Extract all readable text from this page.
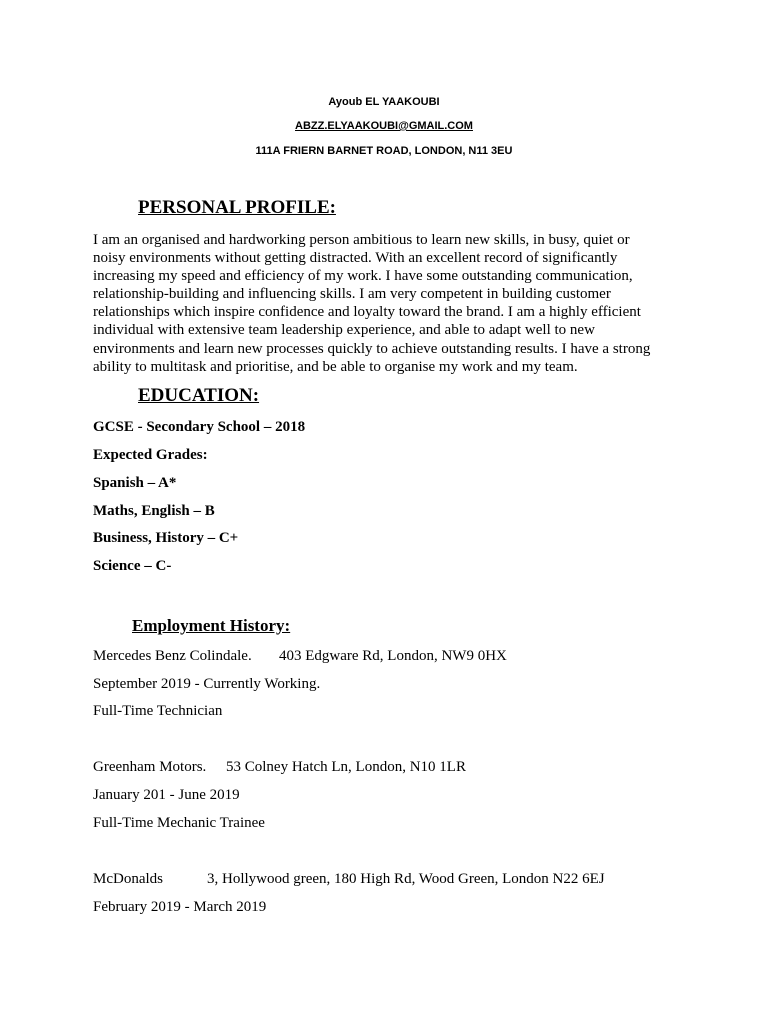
Ayoub EL YAAKOUBI
ABZZ.ELYAAKOUBI@GMAIL.COM
111A FRIERN BARNET ROAD, LONDON, N11 3EU
PERSONAL PROFILE:
I am an organised and hardworking person ambitious to learn new skills, in busy, quiet or
noisy environments without getting distracted. With an excellent record of significantly
increasing my speed and efficiency of my work. I have some outstanding communication,
relationship-building and influencing skills. I am very competent in building customer
relationships which inspire confidence and loyalty toward the brand. I am a highly efficient
individual with extensive team leadership experience, and able to adapt well to new
environments and learn new processes quickly to achieve outstanding results. I have a strong
ability to multitask and prioritise, and be able to organise my work and my team.
EDUCATION:
GCSE - Secondary School – 2018
Expected Grades:
Spanish – A*
Maths, English – B
Business, History – C+
Science – C-
Employment History:
Mercedes Benz Colindale. 403 Edgware Rd, London, NW9 0HX
September 2019 - Currently Working.
Full-Time Technician
Greenham Motors. 53 Colney Hatch Ln, London, N10 1LR
January 201 - June 2019
Full-Time Mechanic Trainee
McDonalds	3, Hollywood green, 180 High Rd, Wood Green, London N22 6EJ
February 2019 - March 2019
